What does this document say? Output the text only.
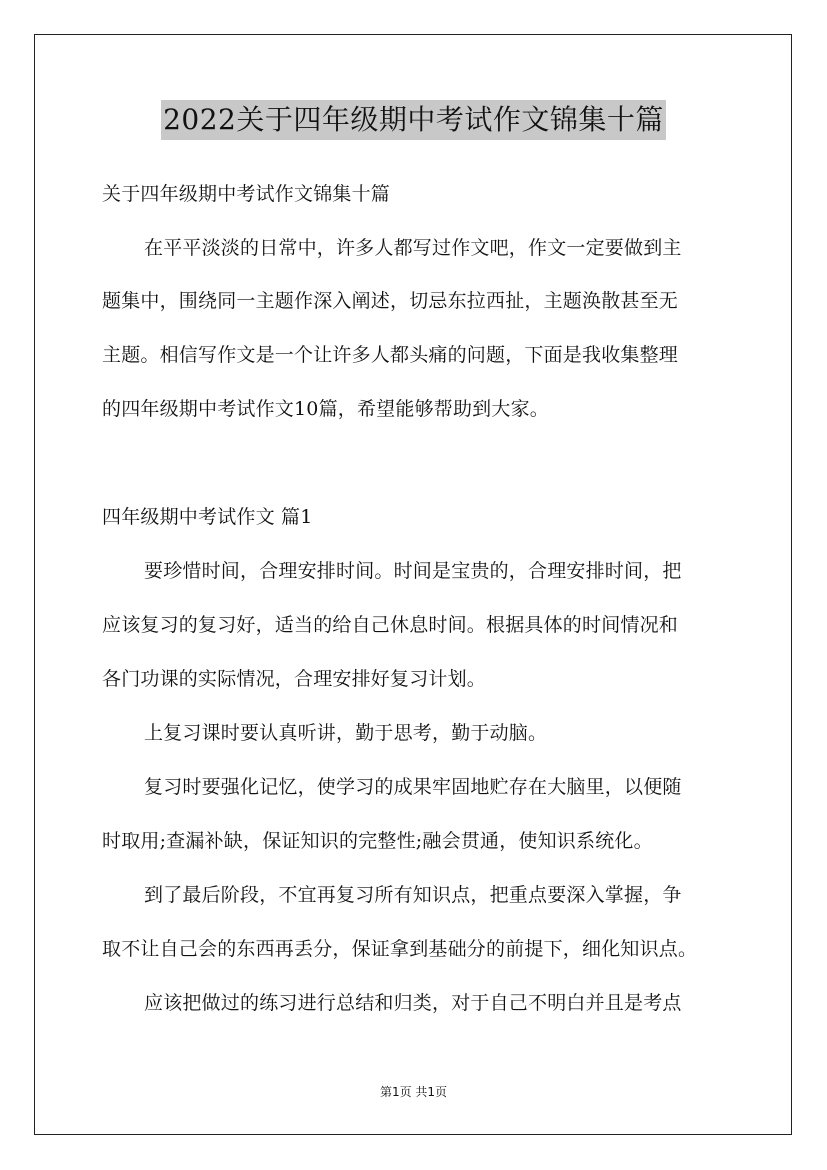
2022关于四年级期中考试作文锦集十篇

关于四年级期中考试作文锦集十篇

在平平淡淡的日常中，许多人都写过作文吧，作文一定要做到主

题集中，围绕同一主题作深入阐述，切忌东拉西扯，主题涣散甚至无

主题。相信写作文是一个让许多人都头痛的问题，下面是我收集整理

的四年级期中考试作文10篇，希望能够帮助到大家。

四年级期中考试作文 篇1

要珍惜时间，合理安排时间。时间是宝贵的，合理安排时间，把

应该复习的复习好，适当的给自己休息时间。根据具体的时间情况和

各门功课的实际情况，合理安排好复习计划。

上复习课时要认真听讲，勤于思考，勤于动脑。

复习时要强化记忆，使学习的成果牢固地贮存在大脑里，以便随

时取用;查漏补缺，保证知识的完整性;融会贯通，使知识系统化。

到了最后阶段，不宜再复习所有知识点，把重点要深入掌握，争

取不让自己会的东西再丢分，保证拿到基础分的前提下，细化知识点。

应该把做过的练习进行总结和归类，对于自己不明白并且是考点

第1页 共1页
